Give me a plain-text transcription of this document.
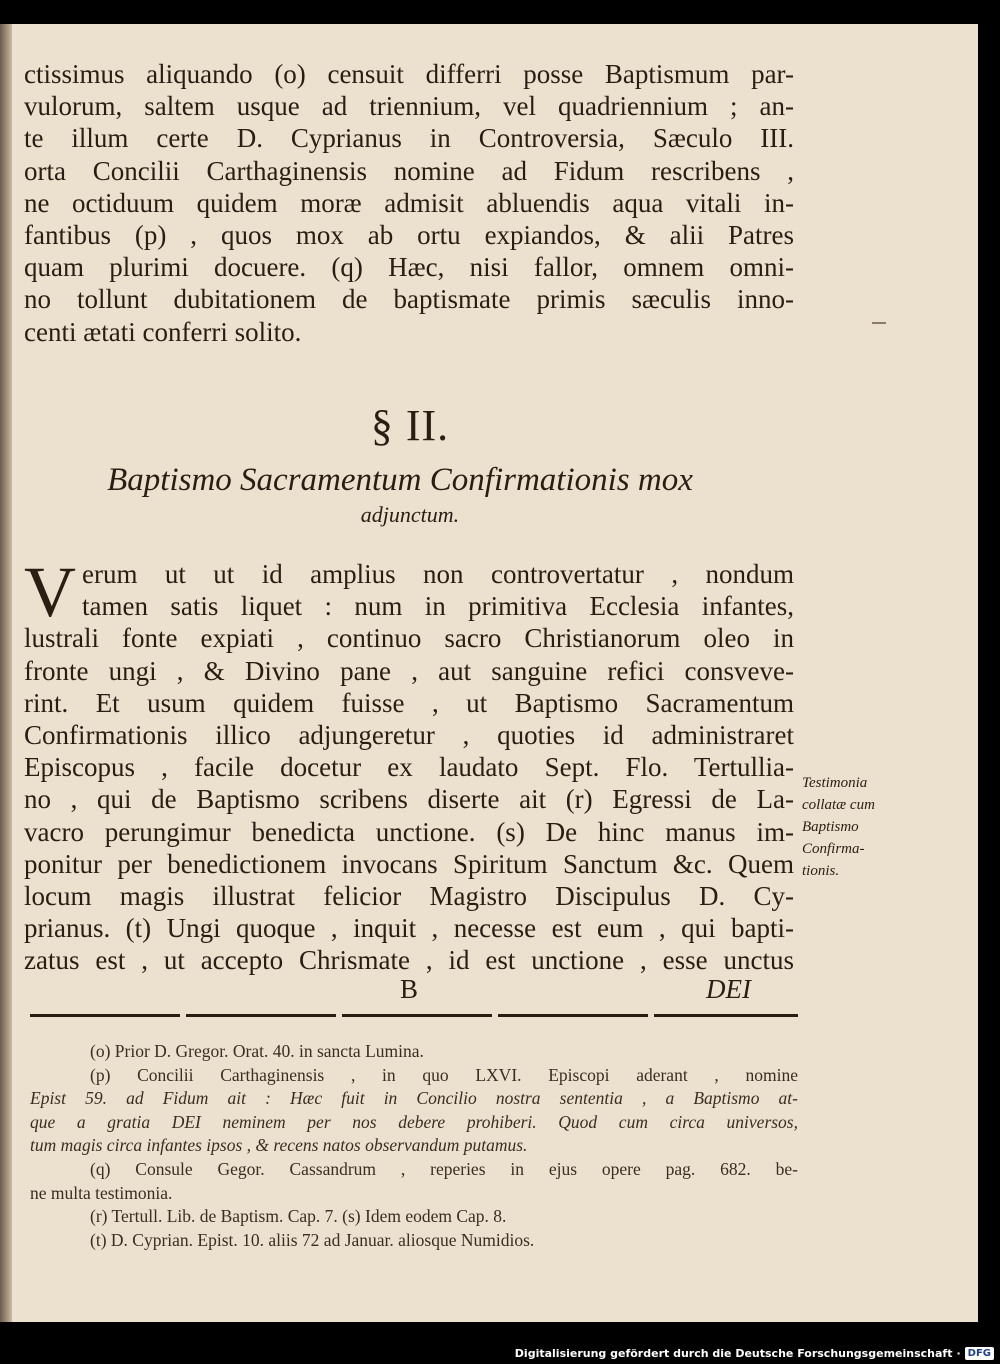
ctissimus aliquando (o) censuit differri posse Baptismum par-
vulorum, saltem usque ad triennium, vel quadriennium ; an-
te illum certe D. Cyprianus in Controversia, Sæculo III.
orta Concilii Carthaginensis nomine ad Fidum rescribens ,
ne octiduum quidem moræ admisit abluendis aqua vitali in-
fantibus (p) , quos mox ab ortu expiandos, & alii Patres
quam plurimi docuere. (q) Hæc, nisi fallor, omnem omni-
no tollunt dubitationem de baptismate primis sæculis inno-
centi ætati conferri solito.
§ II.
Baptismo Sacramentum Confirmationis mox
adjunctum.
V erum ut ut id amplius non controvertatur , nondum
tamen satis liquet : num in primitiva Ecclesia infantes,
lustrali fonte expiati , continuo sacro Christianorum oleo in
fronte ungi , & Divino pane , aut sanguine refici consveve-
rint. Et usum quidem fuisse , ut Baptismo Sacramentum
Confirmationis illico adjungeretur , quoties id administraret
Episcopus , facile docetur ex laudato Sept. Flo. Tertullia-
no , qui de Baptismo scribens diserte ait (r) Egressi de La-
vacro perungimur benedicta unctione. (s) De hinc manus im-
ponitur per benedictionem invocans Spiritum Sanctum &c. Quem
locum magis illustrat felicior Magistro Discipulus D. Cy-
prianus. (t) Ungi quoque , inquit , necesse est eum , qui bapti-
zatus est , ut accepto Chrismate , id est unctione , esse unctus
B	DEI
Testimonia
collatæ cum
Baptismo
Confirma-
tionis.
(o) Prior D. Gregor. Orat. 40. in sancta Lumina.
(p) Concilii Carthaginensis , in quo LXVI. Episcopi aderant , nomine
Epist 59. ad Fidum ait : Hæc fuit in Concilio nostra sententia , a Baptismo at-
que a gratia DEI neminem per nos debere prohiberi. Quod cum circa universos,
tum magis circa infantes ipsos , & recens natos observandum putamus.
(q) Consule Gegor. Cassandrum , reperies in ejus opere pag. 682. be-
ne multa testimonia.
(r) Tertull. Lib. de Baptism. Cap. 7. (s) Idem eodem Cap. 8.
(t) D. Cyprian. Epist. 10. aliis 72 ad Januar. aliosque Numidios.
Digitalisierung gefördert durch die Deutsche Forschungsgemeinschaft · DFG
